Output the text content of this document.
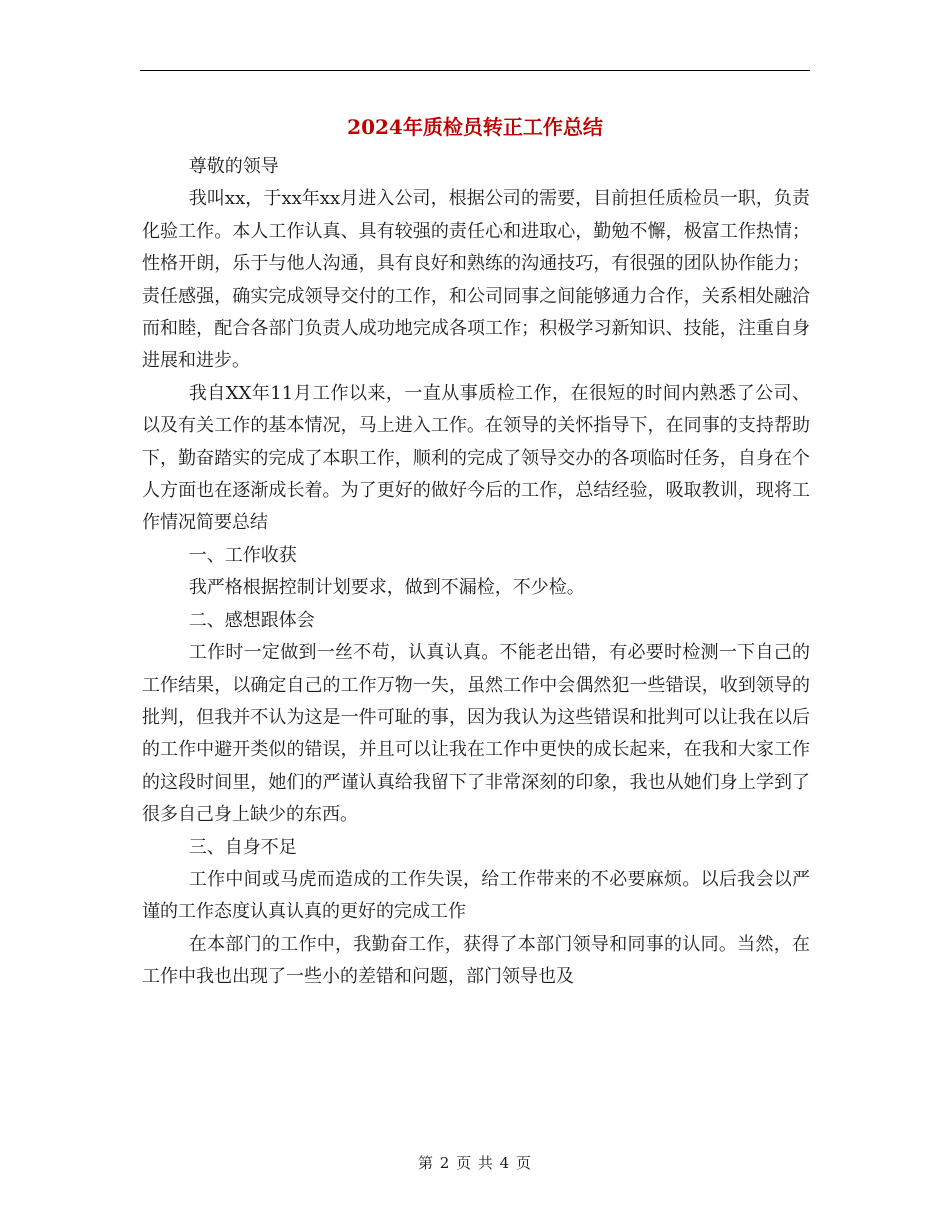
2024年质检员转正工作总结

尊敬的领导

我叫xx，于xx年xx月进入公司，根据公司的需要，目前担任质检员一职，负责化验工作。本人工作认真、具有较强的责任心和进取心，勤勉不懈，极富工作热情；性格开朗，乐于与他人沟通，具有良好和熟练的沟通技巧，有很强的团队协作能力；责任感强，确实完成领导交付的工作，和公司同事之间能够通力合作，关系相处融洽而和睦，配合各部门负责人成功地完成各项工作；积极学习新知识、技能，注重自身进展和进步。

我自XX年11月工作以来，一直从事质检工作，在很短的时间内熟悉了公司、以及有关工作的基本情况，马上进入工作。在领导的关怀指导下，在同事的支持帮助下，勤奋踏实的完成了本职工作，顺利的完成了领导交办的各项临时任务，自身在个人方面也在逐渐成长着。为了更好的做好今后的工作，总结经验，吸取教训，现将工作情况简要总结

一、工作收获

我严格根据控制计划要求，做到不漏检，不少检。

二、感想跟体会

工作时一定做到一丝不苟，认真认真。不能老出错，有必要时检测一下自己的工作结果，以确定自己的工作万物一失，虽然工作中会偶然犯一些错误，收到领导的批判，但我并不认为这是一件可耻的事，因为我认为这些错误和批判可以让我在以后的工作中避开类似的错误，并且可以让我在工作中更快的成长起来，在我和大家工作的这段时间里，她们的严谨认真给我留下了非常深刻的印象，我也从她们身上学到了很多自己身上缺少的东西。

三、自身不足

工作中间或马虎而造成的工作失误，给工作带来的不必要麻烦。以后我会以严谨的工作态度认真认真的更好的完成工作

在本部门的工作中，我勤奋工作，获得了本部门领导和同事的认同。当然，在工作中我也出现了一些小的差错和问题，部门领导也及

第 2 页 共 4 页
